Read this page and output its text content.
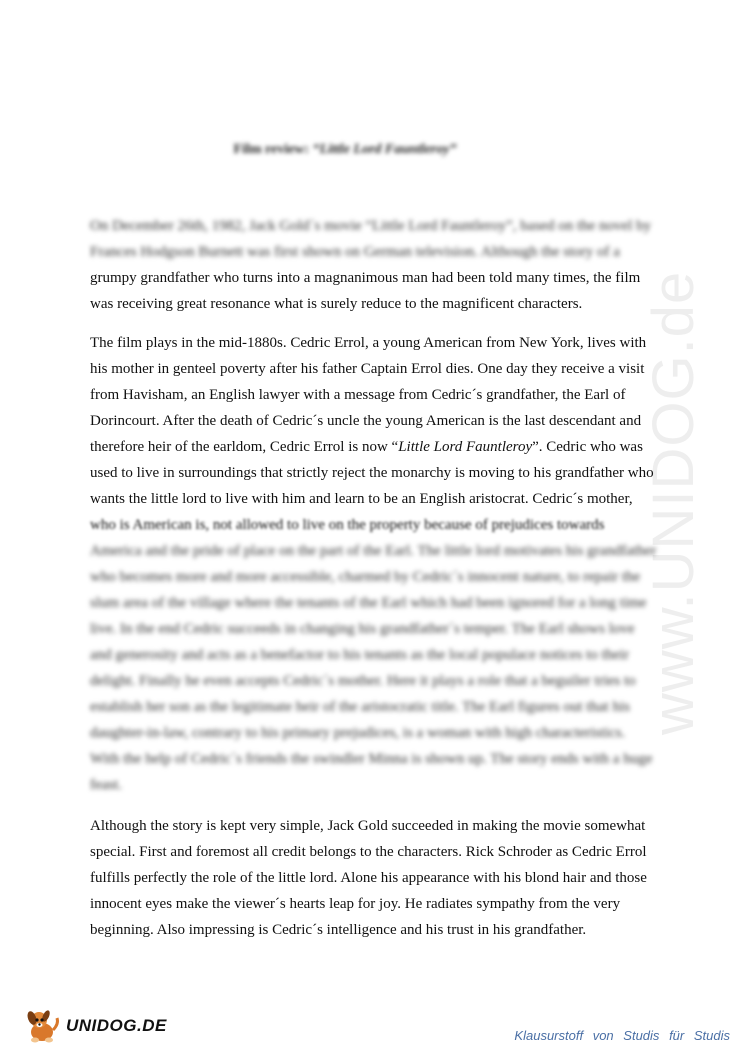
www.UNIDOG.de
Film review: “Little Lord Fauntleroy”
On December 26th, 1982, Jack Gold´s movie “Little Lord Fauntleroy”, based on the novel by
Frances Hodgson Burnett was first shown on German television. Although the story of a
grumpy grandfather who turns into a magnanimous man had been told many times, the film
was receiving great resonance what is surely reduce to the magnificent characters.
The film plays in the mid-1880s. Cedric Errol, a young American from New York, lives with
his mother in genteel poverty after his father Captain Errol dies. One day they receive a visit
from Havisham, an English lawyer with a message from Cedric´s grandfather, the Earl of
Dorincourt. After the death of Cedric´s uncle the young American is the last descendant and
therefore heir of the earldom, Cedric Errol is now “Little Lord Fauntleroy”. Cedric who was
used to live in surroundings that strictly reject the monarchy is moving to his grandfather who
wants the little lord to live with him and learn to be an English aristocrat. Cedric´s mother,
who is American is, not allowed to live on the property because of prejudices towards
America and the pride of place on the part of the Earl. The little lord motivates his grandfather
who becomes more and more accessible, charmed by Cedric´s innocent nature, to repair the
slum area of the village where the tenants of the Earl which had been ignored for a long time
live. In the end Cedric succeeds in changing his grandfather´s temper. The Earl shows love
and generosity and acts as a benefactor to his tenants as the local populace notices to their
delight. Finally he even accepts Cedric´s mother. Here it plays a role that a beguiler tries to
establish her son as the legitimate heir of the aristocratic title. The Earl figures out that his
daughter-in-law, contrary to his primary prejudices, is a woman with high characteristics.
With the help of Cedric´s friends the swindler Minna is shown up. The story ends with a huge
feast.
Although the story is kept very simple, Jack Gold succeeded in making the movie somewhat
special. First and foremost all credit belongs to the characters. Rick Schroder as Cedric Errol
fulfills perfectly the role of the little lord. Alone his appearance with his blond hair and those
innocent eyes make the viewer´s hearts leap for joy. He radiates sympathy from the very
beginning. Also impressing is Cedric´s intelligence and his trust in his grandfather.
UNIDOG.DE
Klausurstoff von Studis für Studis
